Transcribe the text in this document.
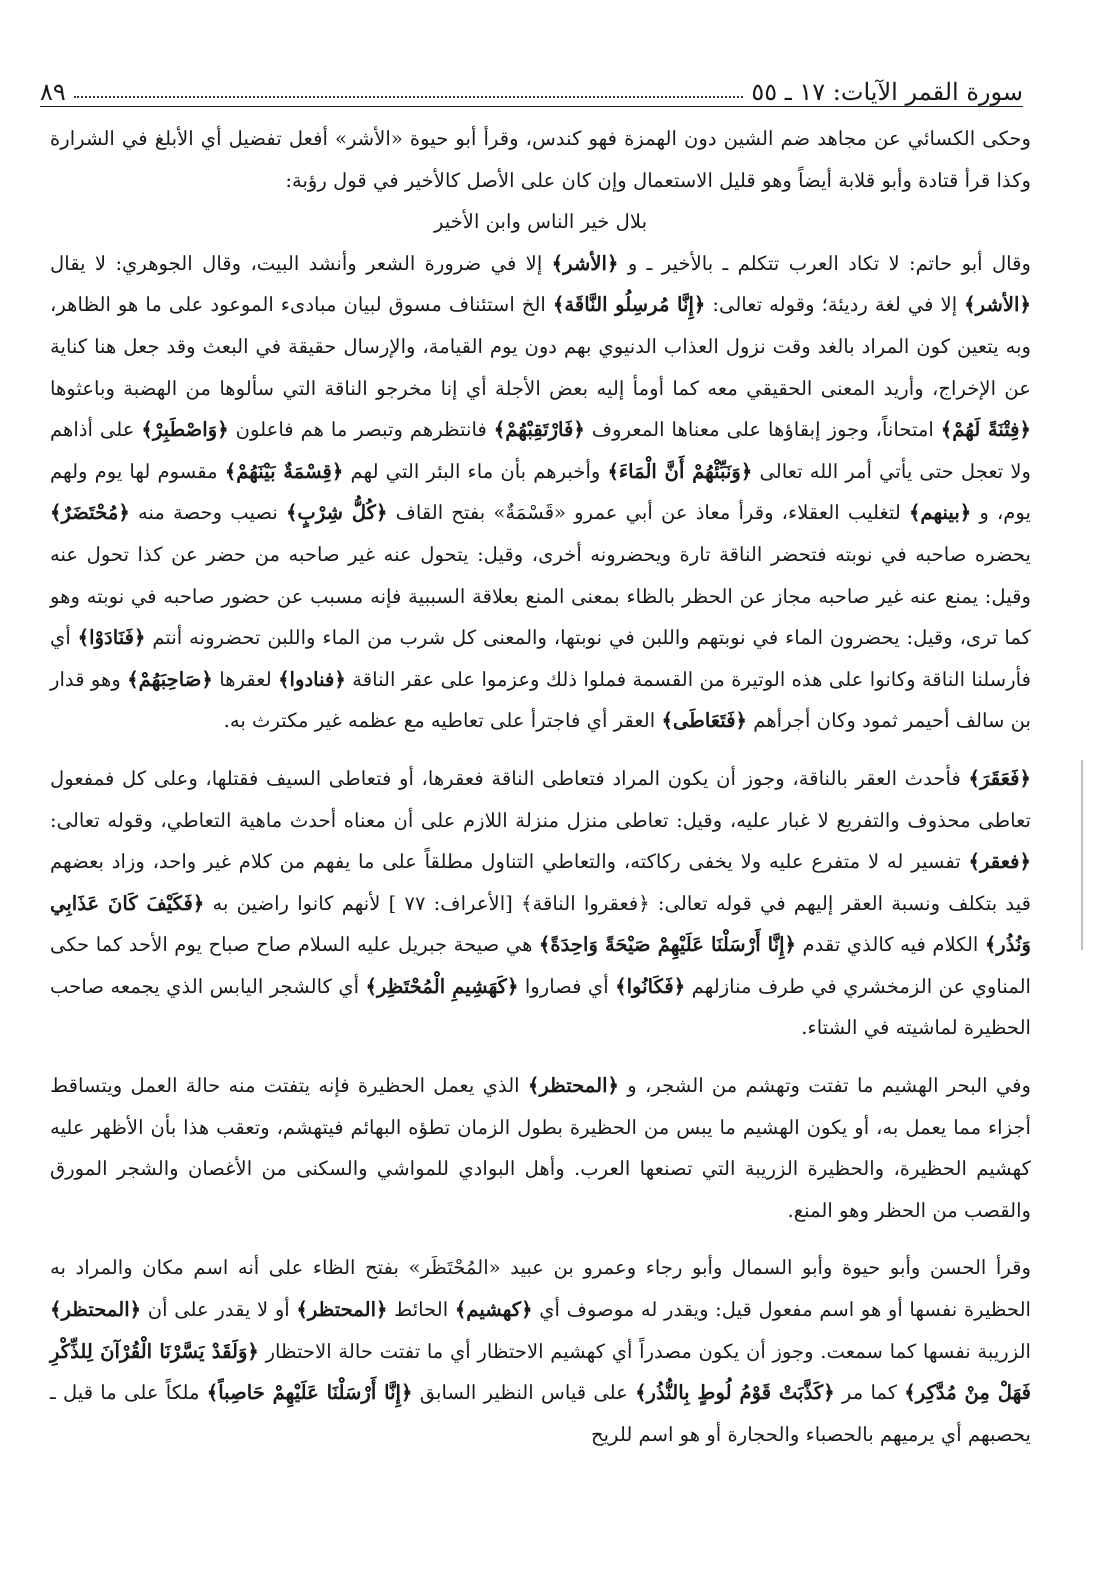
سورة القمر الآيات: ١٧ ـ ٥٥
٨٩

وحكى الكسائي عن مجاهد ضم الشين دون الهمزة فهو كندس، وقرأ أبو حيوة «الأشر» أفعل تفضيل أي الأبلغ في الشرارة وكذا قرأ قتادة وأبو قلابة أيضاً وهو قليل الاستعمال وإن كان على الأصل كالأخير في قول رؤبة:

بلال خير الناس وابن الأخير

وقال أبو حاتم: لا تكاد العرب تتكلم ـ بالأخير ـ و ﴿الأشر﴾ إلا في ضرورة الشعر وأنشد البيت، وقال الجوهري: لا يقال ﴿الأشر﴾ إلا في لغة رديئة؛ وقوله تعالى: ﴿إِنَّا مُرسِلُو النَّاقَة﴾ الخ استئناف مسوق لبيان مبادىء الموعود على ما هو الظاهر، وبه يتعين كون المراد بالغد وقت نزول العذاب الدنيوي بهم دون يوم القيامة، والإرسال حقيقة في البعث وقد جعل هنا كناية عن الإخراج، وأريد المعنى الحقيقي معه كما أومأ إليه بعض الأجلة أي إنا مخرجو الناقة التي سألوها من الهضبة وباعثوها ﴿فِتْنَةً لَهُمْ﴾ امتحاناً، وجوز إبقاؤها على معناها المعروف ﴿فَارْتَقِبْهُمْ﴾ فانتظرهم وتبصر ما هم فاعلون ﴿وَاصْطَبِرْ﴾ على أذاهم ولا تعجل حتى يأتي أمر الله تعالى ﴿وَنَبِّئْهُمْ أَنَّ الْمَاءَ﴾ وأخبرهم بأن ماء البئر التي لهم ﴿قِسْمَةٌ بَيْنَهُمْ﴾ مقسوم لها يوم ولهم يوم، و ﴿بينهم﴾ لتغليب العقلاء، وقرأ معاذ عن أبي عمرو «قَسْمَةٌ» بفتح القاف ﴿كُلُّ شِرْبٍ﴾ نصيب وحصة منه ﴿مُحْتَضَرٌ﴾ يحضره صاحبه في نوبته فتحضر الناقة تارة ويحضرونه أخرى، وقيل: يتحول عنه غير صاحبه من حضر عن كذا تحول عنه وقيل: يمنع عنه غير صاحبه مجاز عن الحظر بالظاء بمعنى المنع بعلاقة السببية فإنه مسبب عن حضور صاحبه في نوبته وهو كما ترى، وقيل: يحضرون الماء في نوبتهم واللبن في نوبتها، والمعنى كل شرب من الماء واللبن تحضرونه أنتم ﴿فَنَادَوْا﴾ أي فأرسلنا الناقة وكانوا على هذه الوتيرة من القسمة فملوا ذلك وعزموا على عقر الناقة ﴿فنادوا﴾ لعقرها ﴿صَاحِبَهُمْ﴾ وهو قدار بن سالف أحيمر ثمود وكان أجرأهم ﴿فَتَعَاطَى﴾ العقر أي فاجترأ على تعاطيه مع عظمه غير مكترث به.

﴿فَعَقَرَ﴾ فأحدث العقر بالناقة، وجوز أن يكون المراد فتعاطى الناقة فعقرها، أو فتعاطى السيف فقتلها، وعلى كل فمفعول تعاطى محذوف والتفريع لا غبار عليه، وقيل: تعاطى منزل منزلة اللازم على أن معناه أحدث ماهية التعاطي، وقوله تعالى: ﴿فعقر﴾ تفسير له لا متفرع عليه ولا يخفى ركاكته، والتعاطي التناول مطلقاً على ما يفهم من كلام غير واحد، وزاد بعضهم قيد بتكلف ونسبة العقر إليهم في قوله تعالى: ﴿فعقروا الناقة﴾ [الأعراف: ٧٧ ] لأنهم كانوا راضين به ﴿فَكَيْفَ كَانَ عَذَابِي وَنُذُر﴾ الكلام فيه كالذي تقدم ﴿إِنَّا أَرْسَلْنَا عَلَيْهِمْ صَيْحَةً وَاحِدَةً﴾ هي صيحة جبريل عليه السلام صاح صباح يوم الأحد كما حكى المناوي عن الزمخشري في طرف منازلهم ﴿فَكَانُوا﴾ أي فصاروا ﴿كَهَشِيمِ الْمُحْتَظِر﴾ أي كالشجر اليابس الذي يجمعه صاحب الحظيرة لماشيته في الشتاء.

وفي البحر الهشيم ما تفتت وتهشم من الشجر، و ﴿المحتظر﴾ الذي يعمل الحظيرة فإنه يتفتت منه حالة العمل ويتساقط أجزاء مما يعمل به، أو يكون الهشيم ما يبس من الحظيرة بطول الزمان تطؤه البهائم فيتهشم، وتعقب هذا بأن الأظهر عليه كهشيم الحظيرة، والحظيرة الزريبة التي تصنعها العرب. وأهل البوادي للمواشي والسكنى من الأغصان والشجر المورق والقصب من الحظر وهو المنع.

وقرأ الحسن وأبو حيوة وأبو السمال وأبو رجاء وعمرو بن عبيد «المُحْتَظَر» بفتح الظاء على أنه اسم مكان والمراد به الحظيرة نفسها أو هو اسم مفعول قيل: ويقدر له موصوف أي ﴿كهشيم﴾ الحائط ﴿المحتظر﴾ أو لا يقدر على أن ﴿المحتظر﴾ الزريبة نفسها كما سمعت. وجوز أن يكون مصدراً أي كهشيم الاحتظار أي ما تفتت حالة الاحتظار ﴿وَلَقَدْ يَسَّرْنَا الْقُرْآنَ لِلذِّكْرِ فَهَلْ مِنْ مُدَّكِر﴾ كما مر ﴿كَذَّبَتْ قَوْمُ لُوطٍ بِالنُّذُر﴾ على قياس النظير السابق ﴿إِنَّا أَرْسَلْنَا عَلَيْهِمْ حَاصِباً﴾ ملكاً على ما قيل ـ يحصبهم أي يرميهم بالحصباء والحجارة أو هو اسم للريح
